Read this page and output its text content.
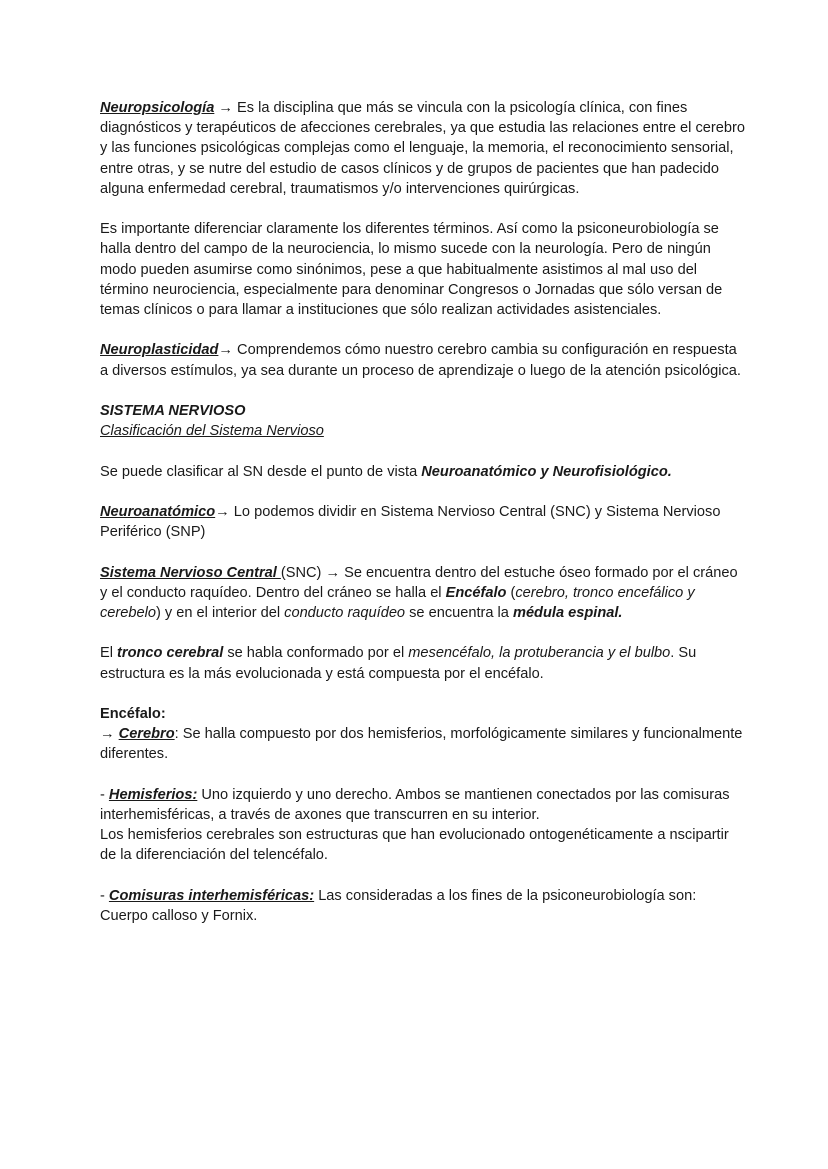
Neuropsicología → Es la disciplina que más se vincula con la psicología clínica, con fines diagnósticos y terapéuticos de afecciones cerebrales, ya que estudia las relaciones entre el cerebro y las funciones psicológicas complejas como el lenguaje, la memoria, el reconocimiento sensorial, entre otras, y se nutre del estudio de casos clínicos y de grupos de pacientes que han padecido alguna enfermedad cerebral, traumatismos y/o intervenciones quirúrgicas.

Es importante diferenciar claramente los diferentes términos. Así como la psiconeurobiología se halla dentro del campo de la neurociencia, lo mismo sucede con la neurología. Pero de ningún modo pueden asumirse como sinónimos, pese a que habitualmente asistimos al mal uso del término neurociencia, especialmente para denominar Congresos o Jornadas que sólo versan de temas clínicos o para llamar a instituciones que sólo realizan actividades asistenciales.

Neuroplasticidad→ Comprendemos cómo nuestro cerebro cambia su configuración en respuesta a diversos estímulos, ya sea durante un proceso de aprendizaje o luego de la atención psicológica.

SISTEMA NERVIOSO

Clasificación del Sistema Nervioso

Se puede clasificar al SN desde el punto de vista Neuroanatómico y Neurofisiológico.

Neuroanatómico→ Lo podemos dividir en Sistema Nervioso Central (SNC) y Sistema Nervioso Periférico (SNP)

Sistema Nervioso Central (SNC) → Se encuentra dentro del estuche óseo formado por el cráneo y el conducto raquídeo. Dentro del cráneo se halla el Encéfalo (cerebro, tronco encefálico y cerebelo) y en el interior del conducto raquídeo se encuentra la médula espinal.

El tronco cerebral se habla conformado por el mesencéfalo, la protuberancia y el bulbo. Su estructura es la más evolucionada y está compuesta por el encéfalo.

Encéfalo:

→ Cerebro: Se halla compuesto por dos hemisferios, morfológicamente similares y funcionalmente diferentes.

- Hemisferios: Uno izquierdo y uno derecho. Ambos se mantienen conectados por las comisuras interhemisféricas, a través de axones que transcurren en su interior.

Los hemisferios cerebrales son estructuras que han evolucionado ontogenéticamente a nscipartir de la diferenciación del telencéfalo.

- Comisuras interhemisféricas: Las consideradas a los fines de la psiconeurobiología son:

Cuerpo calloso y Fornix.
